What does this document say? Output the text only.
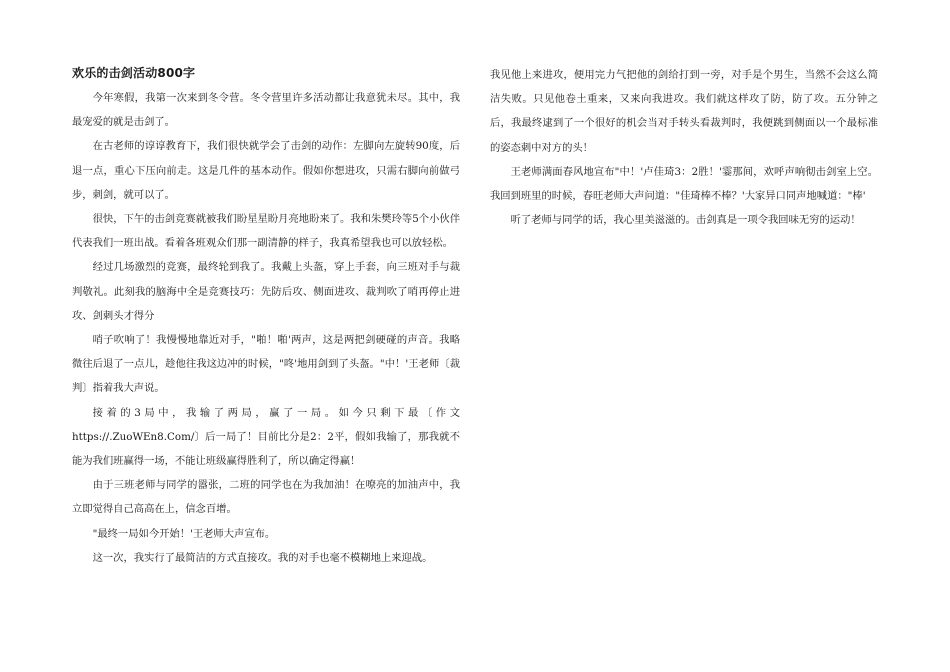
欢乐的击剑活动800字

今年寒假，我第一次来到冬令营。冬令营里许多活动都让我意犹未尽。其中，我最宠爱的就是击剑了。

在古老师的谆谆教育下，我们很快就学会了击剑的动作：左脚向左旋转90度，后退一点，重心下压向前走。这是几件的基本动作。假如你想进攻，只需右脚向前做弓步，刺剑，就可以了。

很快，下午的击剑竞赛就被我们盼星星盼月亮地盼来了。我和朱樊玲等5个小伙伴代表我们一班出战。看着各班观众们那一副清静的样子，我真希望我也可以放轻松。

经过几场激烈的竞赛，最终轮到我了。我戴上头盔，穿上手套，向三班对手与裁判敬礼。此刻我的脑海中全是竞赛技巧：先防后攻、侧面进攻、裁判吹了哨再停止进攻、剑刺头才得分

哨子吹响了！我慢慢地靠近对手，"啪！啪'两声，这是两把剑硬碰的声音。我略微往后退了一点儿，趁他往我这边冲的时候，"咚'地用剑到了头盔。"中！'王老师〔裁判〕指着我大声说。

接着的3局中，我输了两局，赢了一局。如今只剩下最〔作文https://.ZuoWEn8.Com/〕后一局了！目前比分是2：2平，假如我输了，那我就不能为我们班赢得一场，不能让班级赢得胜利了，所以确定得赢！

由于三班老师与同学的嚣张，二班的同学也在为我加油！在嘹亮的加油声中，我立即觉得自己高高在上，信念百增。

"最终一局如今开始！'王老师大声宣布。

这一次，我实行了最简洁的方式直接攻。我的对手也毫不模糊地上来迎战。

我见他上来进攻，便用完力气把他的剑给打到一旁，对手是个男生，当然不会这么简洁失败。只见他卷土重来，又来向我进攻。我们就这样攻了防，防了攻。五分钟之后，我最终逮到了一个很好的机会当对手转头看裁判时，我便跳到侧面以一个最标准的姿态刺中对方的头！

王老师满面春风地宣布"中！'卢佳琦3：2胜！'霎那间，欢呼声响彻击剑室上空。我回到班里的时候，春旺老师大声问道："佳琦棒不棒？'大家异口同声地喊道："棒'

听了老师与同学的话，我心里美滋滋的。击剑真是一项令我回味无穷的运动！
